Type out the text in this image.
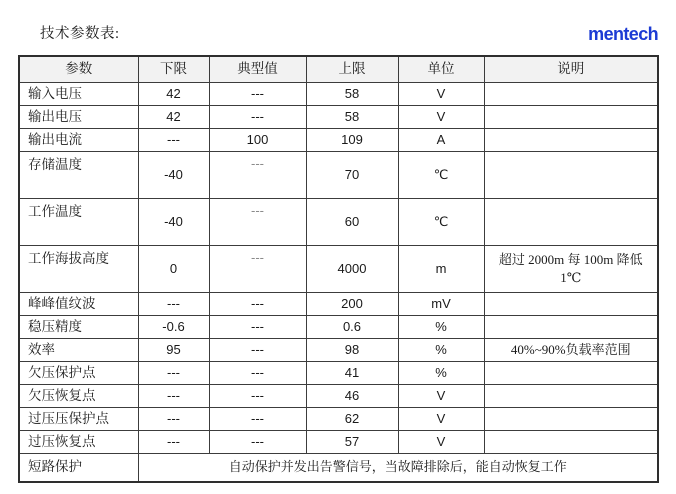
技术参数表:	mentech
参数	下限	典型值	上限	单位	说明
输入电压	42	---	58	V	
输出电压	42	---	58	V	
输出电流	---	100	109	A	
存储温度	-40	---	70	℃	
工作温度	-40	---	60	℃	
工作海拔高度	0	---	4000	m	超过 2000m 每 100m 降低 1℃
峰峰值纹波	---	---	200	mV	
稳压精度	-0.6	---	0.6	%	
效率	95	---	98	%	40%~90%负载率范围
欠压保护点	---	---	41	%	
欠压恢复点	---	---	46	V	
过压压保护点	---	---	62	V	
过压恢复点	---	---	57	V	
短路保护	自动保护并发出告警信号，当故障排除后，能自动恢复工作				
